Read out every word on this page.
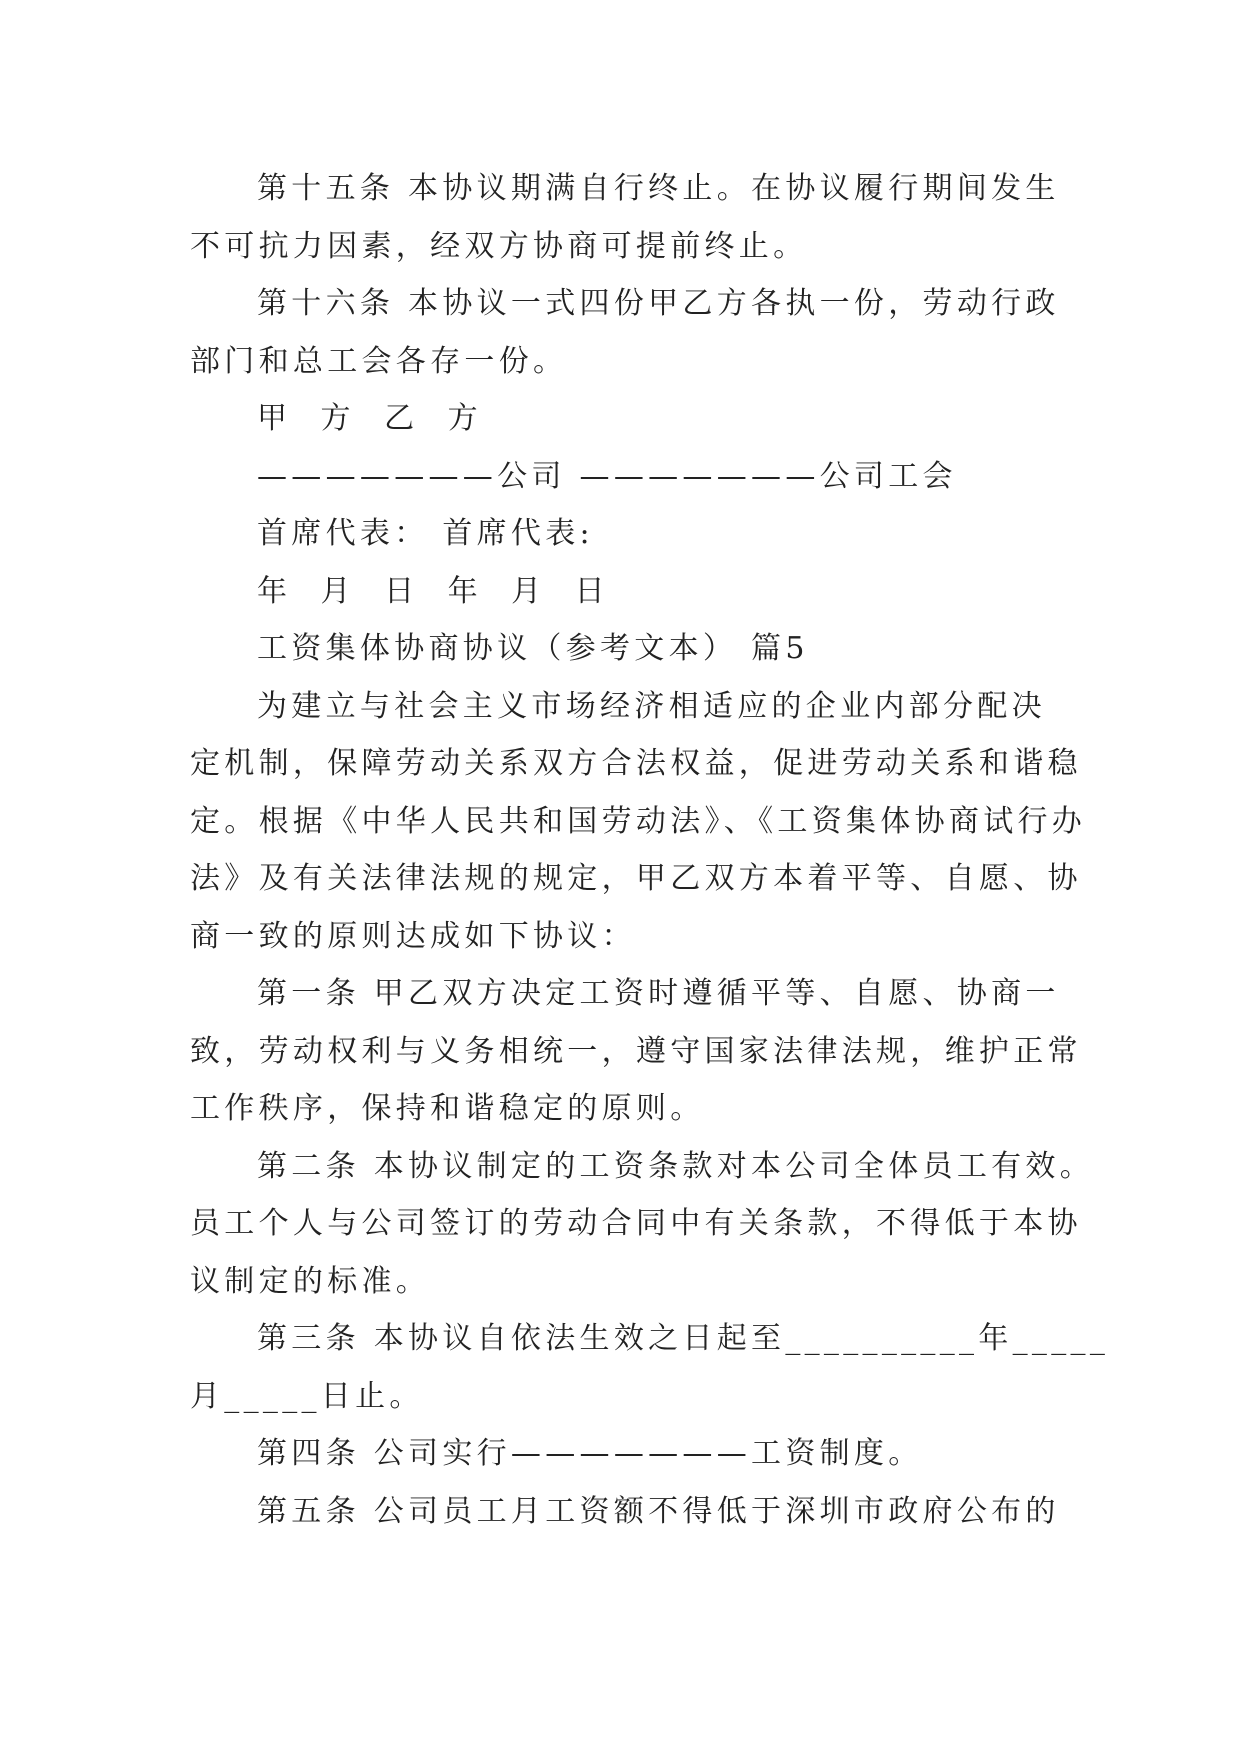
第十五条 本协议期满自行终止。在协议履行期间发生
不可抗力因素，经双方协商可提前终止。
第十六条 本协议一式四份甲乙方各执一份，劳动行政
部门和总工会各存一份。
甲 方 乙 方
———————公司 ———————公司工会
首席代表： 首席代表:
年 月 日 年 月 日
工资集体协商协议（参考文本） 篇5
为建立与社会主义市场经济相适应的企业内部分配决
定机制，保障劳动关系双方合法权益，促进劳动关系和谐稳
定。根据《中华人民共和国劳动法》、《工资集体协商试行办
法》及有关法律法规的规定，甲乙双方本着平等、自愿、协
商一致的原则达成如下协议：
第一条 甲乙双方决定工资时遵循平等、自愿、协商一
致，劳动权利与义务相统一，遵守国家法律法规，维护正常
工作秩序，保持和谐稳定的原则。
第二条 本协议制定的工资条款对本公司全体员工有效。
员工个人与公司签订的劳动合同中有关条款，不得低于本协
议制定的标准。
第三条 本协议自依法生效之日起至__________年_____
月_____日止。
第四条 公司实行———————工资制度。
第五条 公司员工月工资额不得低于深圳市政府公布的
